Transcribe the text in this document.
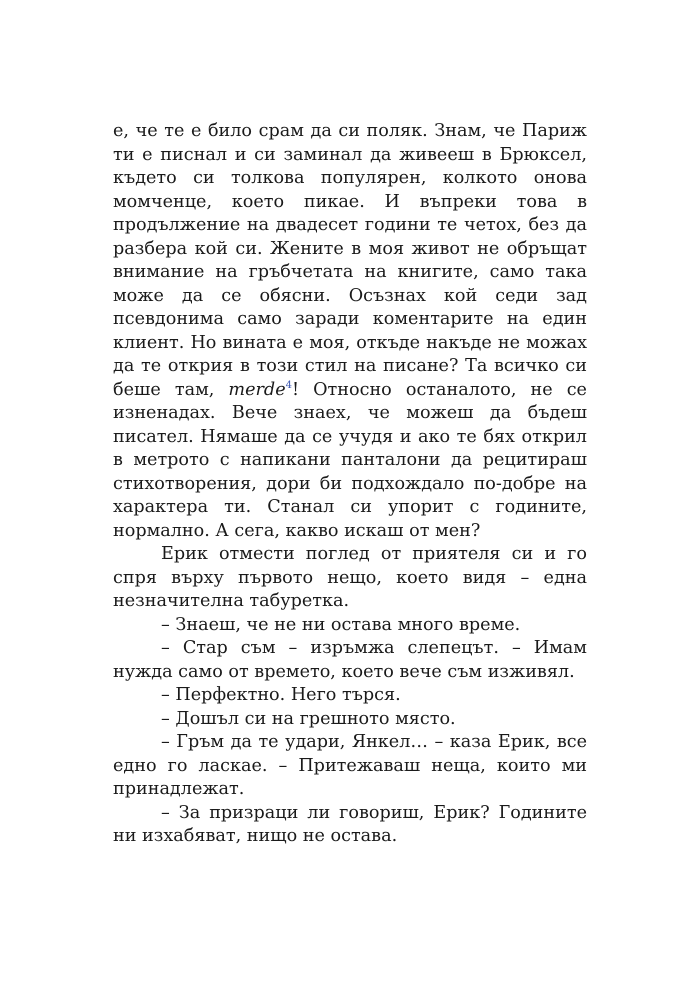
е, че те е било срам да си поляк. Знам, че Париж ти е писнал и си заминал да живееш в Брюксел, където си толкова популярен, колкото онова момченце, което пикае. И въпреки това в продължение на двадесет години те четох, без да разбера кой си. Жените в моя живот не обръщат внимание на гръбчетата на книгите, само така може да се обясни. Осъзнах кой седи зад псевдонима само заради коментарите на един клиент. Но вината е моя, откъде накъде не можах да те открия в този стил на писане? Та всичко си беше там, merde$^4$! Относно останалото, не се изненадах. Вече знаех, че можеш да бъдеш писател. Нямаше да се учудя и ако те бях открил в метрото с напикани панталони да рецитираш стихотворения, дори би подхождало по-добре на характера ти. Станал си упорит с годините, нормално. А сега, какво искаш от мен?

Ерик отмести поглед от приятеля си и го спря върху първото нещо, което видя – една незначителна табуретка.

– Знаеш, че не ни остава много време.

– Стар съм – изръмжа слепецът. – Имам нужда само от времето, което вече съм изживял.

– Перфектно. Него търся.

– Дошъл си на грешното място.

– Гръм да те удари, Янкел… – каза Ерик, все едно го ласкае. – Притежаваш неща, които ми принадлежат.

– За призраци ли говориш, Ерик? Годините ни изхабяват, нищо не остава.
